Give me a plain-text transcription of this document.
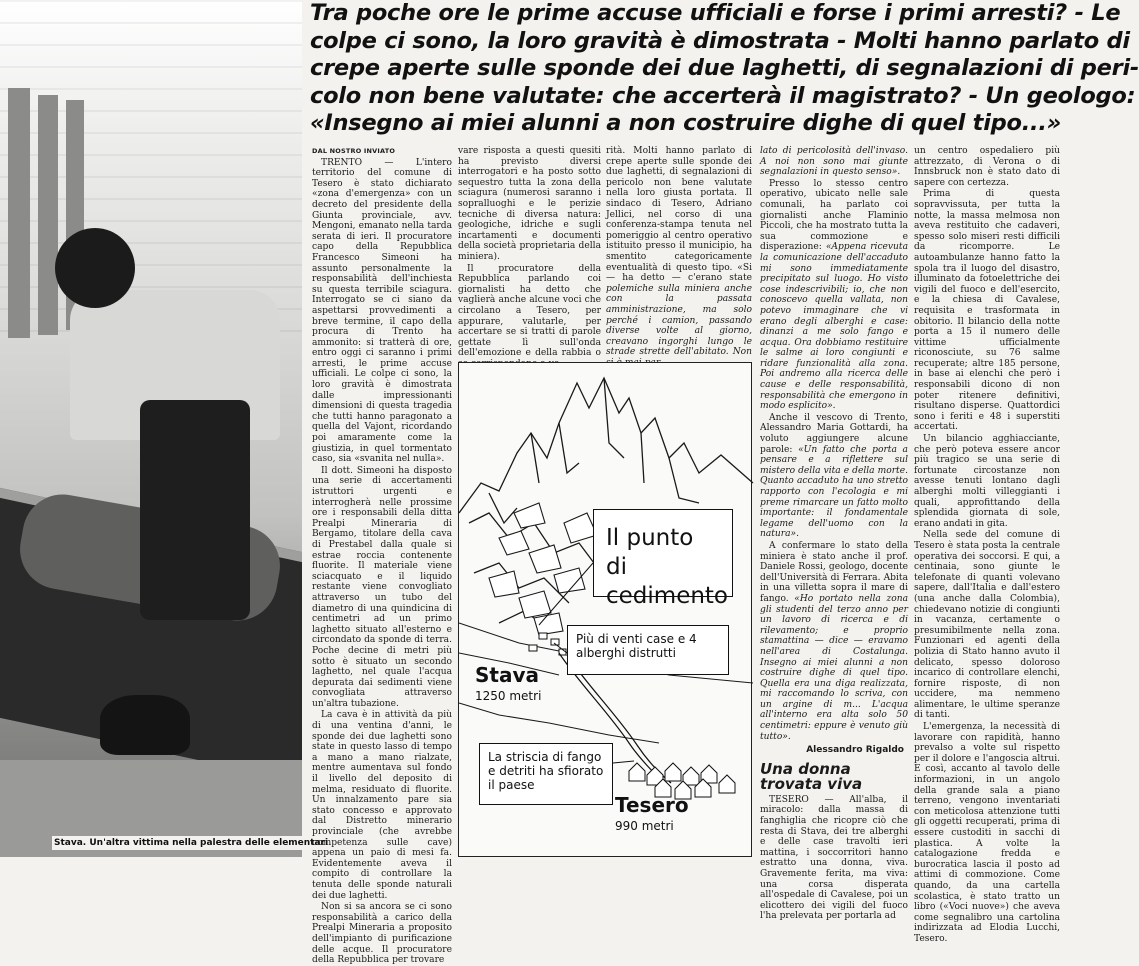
Stava. Un'altra vittima nella palestra delle elementari
Tra poche ore le prime accuse ufficiali e forse i primi arresti? - Le
colpe ci sono, la loro gravità è dimostrata - Molti hanno parlato di
crepe aperte sulle sponde dei due laghetti, di segnalazioni di peri-
colo non bene valutate: che accerterà il magistrato? - Un geologo:
«Insegno ai miei alunni a non costruire dighe di quel tipo...»
DAL NOSTRO INVIATO

TRENTO — L'intero territorio del comune di Tesero è stato dichiarato «zona d'emergenza» con un decreto del presidente della Giunta provinciale, avv. Mengoni, emanato nella tarda serata di ieri. Il procuratore capo della Repubblica Francesco Simeoni ha assunto personalmente la responsabilità dell'inchiesta su questa terribile sciagura. Interrogato se ci siano da aspettarsi provvedimenti a breve termine, il capo della procura di Trento ha ammonito: si tratterà di ore, entro oggi ci saranno i primi arresti, le prime accuse ufficiali. Le colpe ci sono, la loro gravità è dimostrata dalle impressionanti dimensioni di questa tragedia che tutti hanno paragonato a quella del Vajont, ricordando poi amaramente come la giustizia, in quel tormentato caso, sia «svanita nel nulla».

Il dott. Simeoni ha disposto una serie di accertamenti istruttori urgenti e interrogherà nelle prossime ore i responsabili della ditta Prealpi Mineraria di Bergamo, titolare della cava di Prestabel dalla quale si estrae roccia contenente fluorite. Il materiale viene sciacquato e il liquido restante viene convogliato attraverso un tubo del diametro di una quindicina di centimetri ad un primo laghetto situato all'esterno e circondato da sponde di terra. Poche decine di metri più sotto è situato un secondo laghetto, nel quale l'acqua depurata dai sedimenti viene convogliata attraverso un'altra tubazione.

La cava è in attività da più di una ventina d'anni, le sponde dei due laghetti sono state in questo lasso di tempo a mano a mano rialzate, mentre aumentava sul fondo il livello del deposito di melma, residuato di fluorite. Un innalzamento pare sia stato concesso e approvato dal Distretto minerario provinciale (che avrebbe competenza sulle cave) appena un paio di mesi fa. Evidentemente aveva il compito di controllare la tenuta delle sponde naturali dei due laghetti.

Non si sa ancora se ci sono responsabilità a carico della Prealpi Mineraria a proposito dell'impianto di purificazione delle acque. Il procuratore della Repubblica per trovare

vare risposta a questi quesiti ha previsto diversi interrogatori e ha posto sotto sequestro tutta la zona della sciagura (numerosi saranno i sopralluoghi e le perizie tecniche di diversa natura: geologiche, idriche e sugli incartamenti e documenti della società proprietaria della miniera).

Il procuratore della Repubblica parlando coi giornalisti ha detto che vaglierà anche alcune voci che circolano a Tesero, per appurare, valutarle, per accertare se si tratti di parole gettate lì sull'onda dell'emozione e della rabbia o

rità. Molti hanno parlato di crepe aperte sulle sponde dei due laghetti, di segnalazioni di pericolo non bene valutate nella loro giusta portata. Il sindaco di Tesero, Adriano Jellici, nel corso di una conferenza-stampa tenuta nel pomeriggio al centro operativo istituito presso il municipio, ha smentito categoricamente eventualità di questo tipo. «Si — ha detto — c'erano state polemiche sulla miniera anche con la passata amministrazione, ma solo perché i camion, passando diverse volte al giorno, creavano ingorghi lungo le strade strette dell'abitato. Non

lato di pericolosità dell'invaso. A noi non sono mai giunte segnalazioni in questo senso».

Presso lo stesso centro operativo, ubicato nelle sale comunali, ha parlato coi giornalisti anche Flaminio Piccoli, che ha mostrato tutta la sua commozione e disperazione: «Appena ricevuta la comunicazione dell'accaduto mi sono immediatamente precipitato sul luogo. Ho visto cose indescrivibili; io, che non conoscevo quella vallata, non potevo immaginare che vi erano degli alberghi e case: dinanzi a me solo fango e acqua. Ora dobbiamo restituire le salme ai loro congiunti e ridare funzionalità alla zona. Poi andremo alla ricerca delle cause e delle responsabilità, responsabilità che emergono in modo esplicito».

Anche il vescovo di Trento, Alessandro Maria Gottardi, ha voluto aggiungere alcune parole: «Un fatto che porta a pensare e a riflettere sul mistero della vita e della morte. Quanto accaduto ha uno stretto rapporto con l'ecologia e mi preme rimarcare un fatto molto importante: il fondamentale legame dell'uomo con la natura».

A confermare lo stato della miniera è stato anche il prof. Daniele Rossi, geologo, docente dell'Università di Ferrara. Abita in una villetta sopra il mare di fango. «Ho portato nella zona gli studenti del terzo anno per un lavoro di ricerca e di rilevamento; e proprio stamattina — dice — eravamo nell'area di Costalunga. Insegno ai miei alunni a non costruire dighe di quel tipo. Quella era una diga realizzata, mi raccomando lo scriva, con un argine di m... L'acqua all'interno era alta solo 50 centimetri: eppure è venuto giù tutto».

Alessandro Rigaldo
Una donna trovata viva

TESERO — All'alba, il miracolo: dalla massa di fanghiglia che ricopre ciò che resta di Stava, dei tre alberghi e delle case travolti ieri mattina, i soccorritori hanno estratto una donna, viva. Gravemente ferita, ma viva: una corsa disperata all'ospedale di Cavalese, poi un elicottero dei vigili del fuoco l'ha prelevata per portarla ad

un centro ospedaliero più attrezzato, di Verona o di Innsbruck non è stato dato di sapere con certezza.

Prima di questa sopravvissuta, per tutta la notte, la massa melmosa non aveva restituito che cadaveri, spesso solo miseri resti difficili da ricomporre. Le autoambulanze hanno fatto la spola tra il luogo del disastro, illuminato da fotoelettriche dei vigili del fuoco e dell'esercito, e la chiesa di Cavalese, requisita e trasformata in obitorio. Il bilancio della notte porta a 15 il numero delle vittime ufficialmente riconosciute, su 76 salme recuperate; altre 185 persone, in base ai elenchi che però i responsabili dicono di non poter ritenere definitivi, risultano disperse. Quattordici sono i feriti e 48 i superstiti accertati.

Un bilancio agghiacciante, che però poteva essere ancor più tragico se una serie di fortunate circostanze non avesse tenuti lontano dagli alberghi molti villeggianti i quali, approfittando della splendida giornata di sole, erano andati in gita.

Nella sede del comune di Tesero è stata posta la centrale operativa dei soccorsi. E qui, a centinaia, sono giunte le telefonate di quanti volevano sapere, dall'Italia e dall'estero (una anche dalla Colombia), chiedevano notizie di congiunti in vacanza, certamente o presumibilmente nella zona. Funzionari ed agenti della polizia di Stato hanno avuto il delicato, spesso doloroso incarico di controllare elenchi, fornire risposte, di non uccidere, ma nemmeno alimentare, le ultime speranze di tanti.

L'emergenza, la necessità di lavorare con rapidità, hanno prevalso a volte sul rispetto per il dolore e l'angoscia altrui. E così, accanto al tavolo delle informazioni, in un angolo della grande sala a piano terreno, vengono inventariati con meticolosa attenzione tutti gli oggetti recuperati, prima di essere custoditi in sacchi di plastica. A volte la catalogazione fredda e burocratica lascia il posto ad attimi di commozione. Come quando, da una cartella scolastica, è stato tratto un libro («Voci nuove») che aveva come segnalibro una cartolina indirizzata ad Elodia Lucchi, Tesero.

Il punto
di cedimento
Più di venti case e 4 alberghi distrutti
La striscia di fango e detriti ha sfiorato il paese
Stava
1250 metri
Tesero
990 metri
